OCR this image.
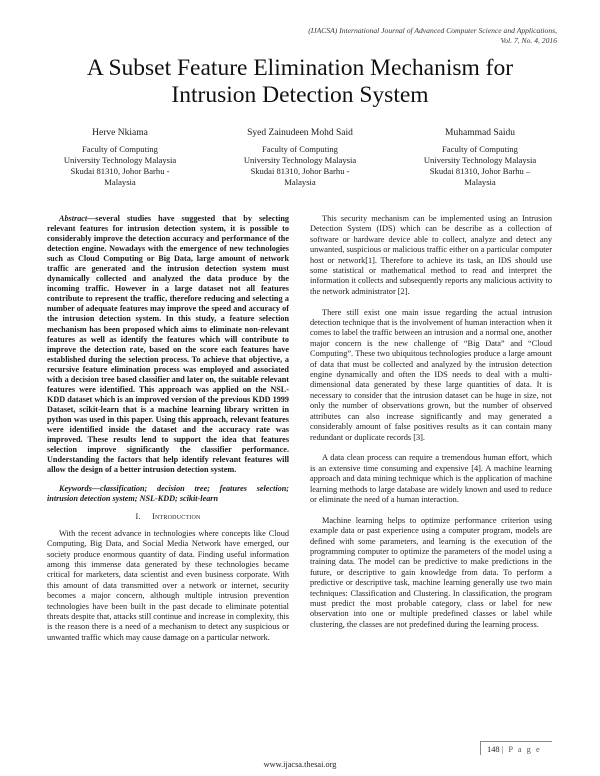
(IJACSA) International Journal of Advanced Computer Science and Applications,
Vol. 7, No. 4, 2016
A Subset Feature Elimination Mechanism for
Intrusion Detection System
Herve Nkiama
Faculty of Computing
University Technology Malaysia
Skudai 81310, Johor Barhu -
Malaysia
Syed Zainudeen Mohd Said
Faculty of Computing
University Technology Malaysia
Skudai 81310, Johor Barhu -
Malaysia
Muhammad Saidu
Faculty of Computing
University Technology Malaysia
Skudai 81310, Johor Barhu –
Malaysia

Abstract—several studies have suggested that by selecting relevant features for intrusion detection system, it is possible to considerably improve the detection accuracy and performance of the detection engine. Nowadays with the emergence of new technologies such as Cloud Computing or Big Data, large amount of network traffic are generated and the intrusion detection system must dynamically collected and analyzed the data produce by the incoming traffic. However in a large dataset not all features contribute to represent the traffic, therefore reducing and selecting a number of adequate features may improve the speed and accuracy of the intrusion detection system. In this study, a feature selection mechanism has been proposed which aims to eliminate non-relevant features as well as identify the features which will contribute to improve the detection rate, based on the score each features have established during the selection process. To achieve that objective, a recursive feature elimination process was employed and associated with a decision tree based classifier and later on, the suitable relevant features were identified. This approach was applied on the NSL-KDD dataset which is an improved version of the previous KDD 1999 Dataset, scikit-learn that is a machine learning library written in python was used in this paper. Using this approach, relevant features were identified inside the dataset and the accuracy rate was improved. These results lend to support the idea that features selection improve significantly the classifier performance. Understanding the factors that help identify relevant features will allow the design of a better intrusion detection system.

Keywords—classification; decision tree; features selection; intrusion detection system; NSL-KDD; scikit-learn

I. Introduction

With the recent advance in technologies where concepts like Cloud Computing, Big Data, and Social Media Network have emerged, our society produce enormous quantity of data. Finding useful information among this immense data generated by these technologies became critical for marketers, data scientist and even business corporate. With this amount of data transmitted over a network or internet, security becomes a major concern, although multiple intrusion prevention technologies have been built in the past decade to eliminate potential threats despite that, attacks still continue and increase in complexity, this is the reason there is a need of a mechanism to detect any suspicious or unwanted traffic which may cause damage on a particular network.

This security mechanism can be implemented using an Intrusion Detection System (IDS) which can be describe as a collection of software or hardware device able to collect, analyze and detect any unwanted, suspicious or malicious traffic either on a particular computer host or network[1]. Therefore to achieve its task, an IDS should use some statistical or mathematical method to read and interpret the information it collects and subsequently reports any malicious activity to the network administrator [2].

There still exist one main issue regarding the actual intrusion detection technique that is the involvement of human interaction when it comes to label the traffic between an intrusion and a normal one, another major concern is the new challenge of “Big Data” and “Cloud Computing”. These two ubiquitous technologies produce a large amount of data that must be collected and analyzed by the intrusion detection engine dynamically and often the IDS needs to deal with a multi-dimensional data generated by these large quantities of data. It is necessary to consider that the intrusion dataset can be huge in size, not only the number of observations grown, but the number of observed attributes can also increase significantly and may generated a considerably amount of false positives results as it can contain many redundant or duplicate records [3].

A data clean process can require a tremendous human effort, which is an extensive time consuming and expensive [4]. A machine learning approach and data mining technique which is the application of machine learning methods to large database are widely known and used to reduce or eliminate the need of a human interaction.

Machine learning helps to optimize performance criterion using example data or past experience using a computer program, models are defined with some parameters, and learning is the execution of the programming computer to optimize the parameters of the model using a training data. The model can be predictive to make predictions in the future, or descriptive to gain knowledge from data. To perform a predictive or descriptive task, machine learning generally use two main techniques: Classification and Clustering. In classification, the program must predict the most probable category, class or label for new observation into one or multiple predefined classes or label while clustering, the classes are not predefined during the learning process.

148 | P a g e
www.ijacsa.thesai.org
